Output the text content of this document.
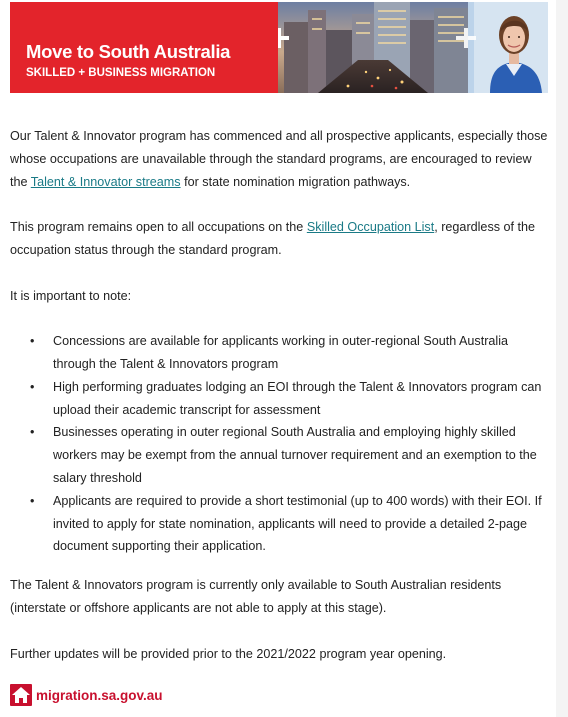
Move to South Australia
SKILLED + BUSINESS MIGRATION

Our Talent & Innovator program has commenced and all prospective applicants, especially those whose occupations are unavailable through the standard programs, are encouraged to review the Talent & Innovator streams for state nomination migration pathways.

This program remains open to all occupations on the Skilled Occupation List, regardless of the occupation status through the standard program.

It is important to note:

• Concessions are available for applicants working in outer-regional South Australia through the Talent & Innovators program
• High performing graduates lodging an EOI through the Talent & Innovators program can upload their academic transcript for assessment
• Businesses operating in outer regional South Australia and employing highly skilled workers may be exempt from the annual turnover requirement and an exemption to the salary threshold
• Applicants are required to provide a short testimonial (up to 400 words) with their EOI. If invited to apply for state nomination, applicants will need to provide a detailed 2-page document supporting their application.

The Talent & Innovators program is currently only available to South Australian residents (interstate or offshore applicants are not able to apply at this stage).

Further updates will be provided prior to the 2021/2022 program year opening.

migration.sa.gov.au
